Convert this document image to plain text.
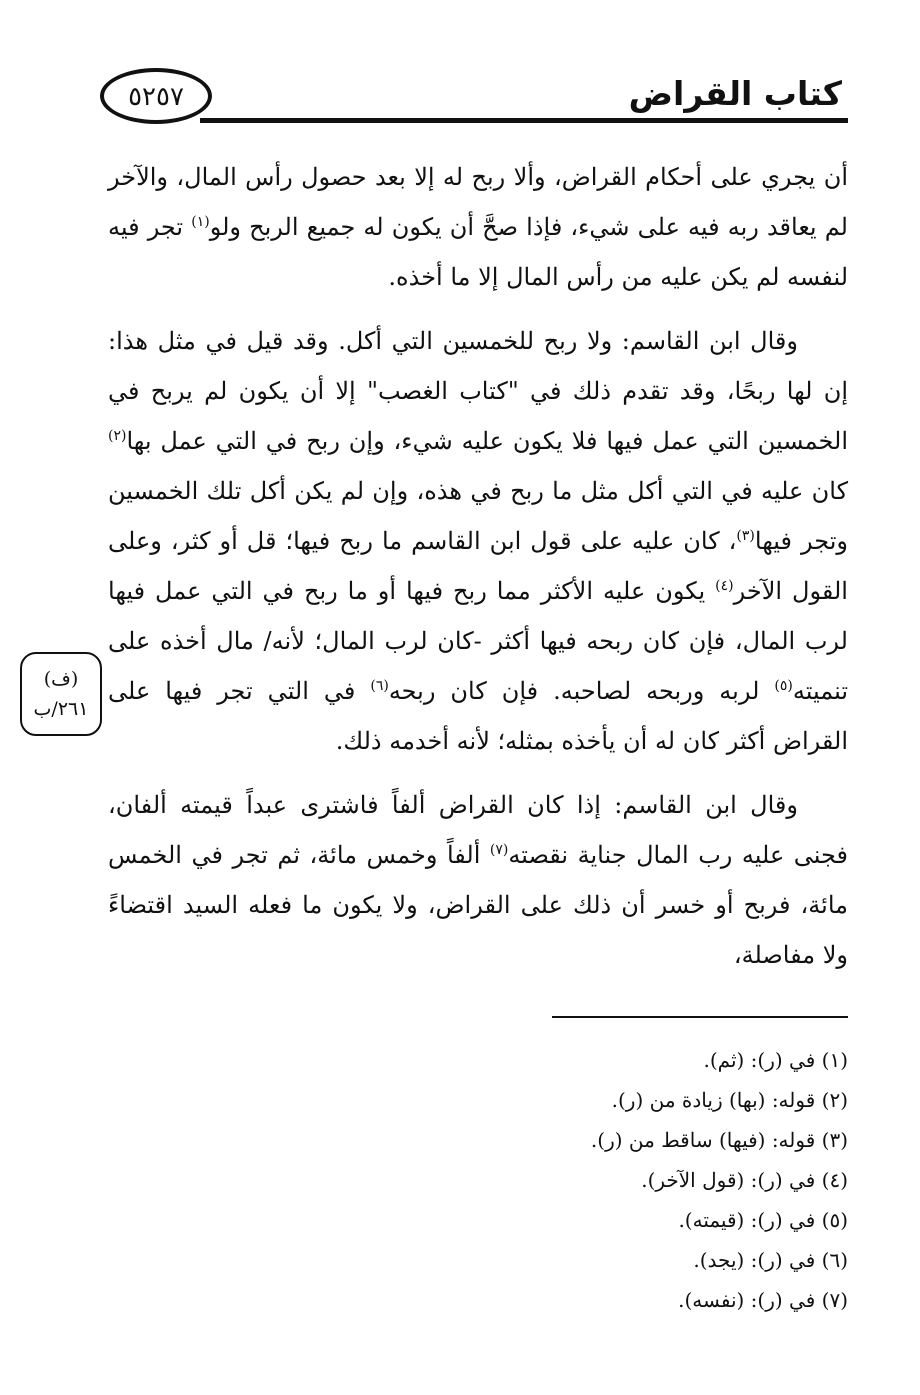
كتاب القراض
٥٢٥٧

أن يجري على أحكام القراض، وألا ربح له إلا بعد حصول رأس المال، والآخر لم يعاقد ربه فيه على شيء، فإذا صحَّ أن يكون له جميع الربح ولو$^{(١)}$ تجر فيه لنفسه لم يكن عليه من رأس المال إلا ما أخذه.

وقال ابن القاسم: ولا ربح للخمسين التي أكل. وقد قيل في مثل هذا: إن لها ربحًا، وقد تقدم ذلك في "كتاب الغصب" إلا أن يكون لم يربح في الخمسين التي عمل فيها فلا يكون عليه شيء، وإن ربح في التي عمل بها$^{(٢)}$ كان عليه في التي أكل مثل ما ربح في هذه، وإن لم يكن أكل تلك الخمسين وتجر فيها$^{(٣)}$، كان عليه على قول ابن القاسم ما ربح فيها؛ قل أو كثر، وعلى القول الآخر$^{(٤)}$ يكون عليه الأكثر مما ربح فيها أو ما ربح في التي عمل فيها لرب المال، فإن كان ربحه فيها أكثر -كان لرب المال؛ لأنه/ مال أخذه على تنميته$^{(٥)}$ لربه وربحه لصاحبه. فإن كان ربحه$^{(٦)}$ في التي تجر فيها على القراض أكثر كان له أن يأخذه بمثله؛ لأنه أخدمه ذلك.

وقال ابن القاسم: إذا كان القراض ألفاً فاشترى عبداً قيمته ألفان، فجنى عليه رب المال جناية نقصته$^{(٧)}$ ألفاً وخمس مائة، ثم تجر في الخمس مائة، فربح أو خسر أن ذلك على القراض، ولا يكون ما فعله السيد اقتضاءً ولا مفاصلة،

(ف)
٢٦١/ب
(١) في (ر): (ثم).
(٢) قوله: (بها) زيادة من (ر).
(٣) قوله: (فيها) ساقط من (ر).
(٤) في (ر): (قول الآخر).
(٥) في (ر): (قيمته).
(٦) في (ر): (يجد).
(٧) في (ر): (نفسه).
